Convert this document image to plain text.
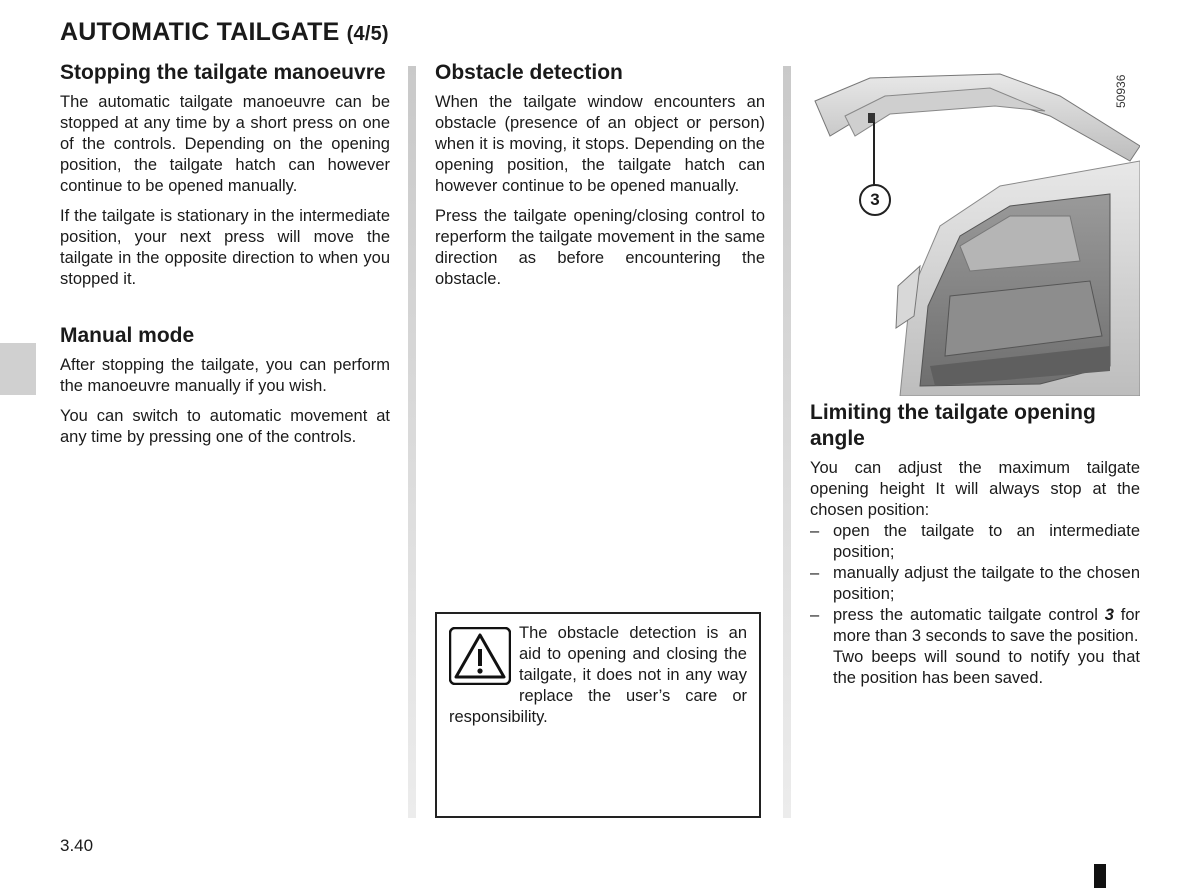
AUTOMATIC TAILGATE (4/5)
Stopping the tailgate manoeuvre

The automatic tailgate manoeuvre can be stopped at any time by a short press on one of the controls. Depending on the opening position, the tailgate hatch can however continue to be opened manually.

If the tailgate is stationary in the intermediate position, your next press will move the tailgate in the opposite direction to when you stopped it.

Manual mode

After stopping the tailgate, you can perform the manoeuvre manually if you wish.

You can switch to automatic movement at any time by pressing one of the controls.

Obstacle detection

When the tailgate window encounters an obstacle (presence of an object or person) when it is moving, it stops. Depending on the opening position, the tailgate hatch can however continue to be opened manually.

Press the tailgate opening/closing control to reperform the tailgate movement in the same direction as before encountering the obstacle.

The obstacle detection is an aid to opening and closing the tailgate, it does not in any way replace the user’s care or responsibility.
3
50936
Limiting the tailgate opening angle

You can adjust the maximum tailgate opening height It will always stop at the chosen position:

– open the tailgate to an intermediate position;
– manually adjust the tailgate to the chosen position;
– press the automatic tailgate control 3 for more than 3 seconds to save the position.
Two beeps will sound to notify you that the position has been saved.
3.40
